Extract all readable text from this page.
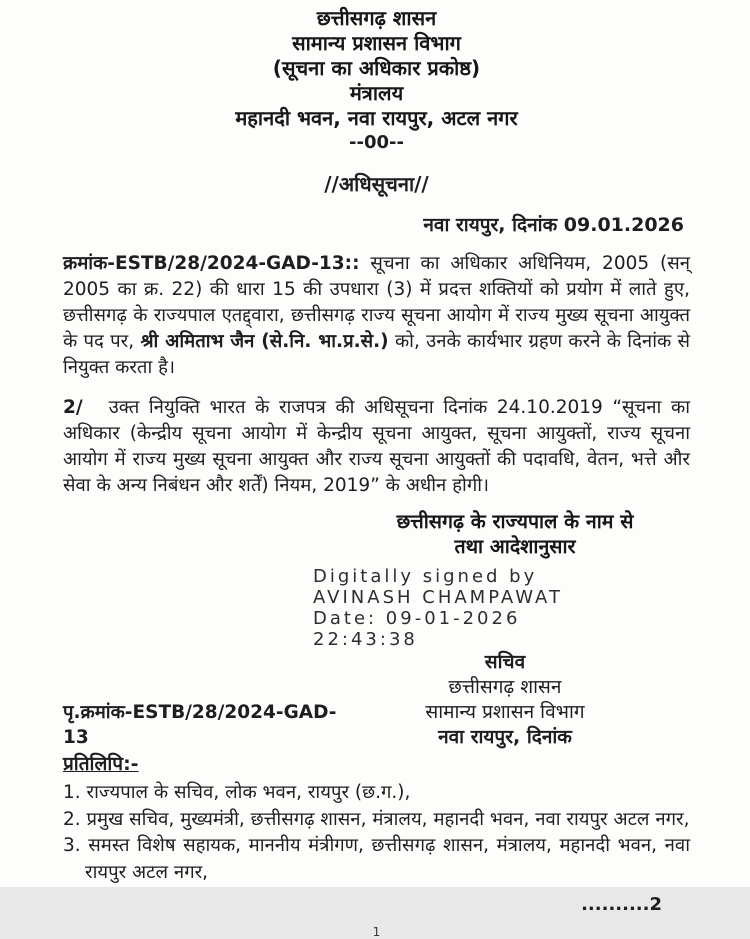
छत्तीसगढ़ शासन
सामान्य प्रशासन विभाग
(सूचना का अधिकार प्रकोष्ठ)
मंत्रालय
महानदी भवन, नवा रायपुर, अटल नगर
--00--
//अधिसूचना//
नवा रायपुर, दिनांक 09.01.2026

क्रमांक-ESTB/28/2024-GAD-13:: सूचना का अधिकार अधिनियम, 2005 (सन् 2005 का क्र. 22) की धारा 15 की उपधारा (3) में प्रदत्त शक्तियों को प्रयोग में लाते हुए, छत्तीसगढ़ के राज्यपाल एतद्द्वारा, छत्तीसगढ़ राज्य सूचना आयोग में राज्य मुख्य सूचना आयुक्त के पद पर, श्री अमिताभ जैन (से.नि. भा.प्र.से.) को, उनके कार्यभार ग्रहण करने के दिनांक से नियुक्त करता है।

2/ उक्त नियुक्ति भारत के राजपत्र की अधिसूचना दिनांक 24.10.2019 “सूचना का अधिकार (केन्द्रीय सूचना आयोग में केन्द्रीय सूचना आयुक्त, सूचना आयुक्तों, राज्य सूचना आयोग में राज्य मुख्य सूचना आयुक्त और राज्य सूचना आयुक्तों की पदावधि, वेतन, भत्ते और सेवा के अन्य निबंधन और शर्तें) नियम, 2019” के अधीन होगी।

छत्तीसगढ़ के राज्यपाल के नाम से
तथा आदेशानुसार
Digitally signed by
AVINASH CHAMPAWAT
Date: 09-01-2026
22:43:38
पृ.क्रमांक-ESTB/28/2024-GAD-13
सचिव
छत्तीसगढ़ शासन
सामान्य प्रशासन विभाग
नवा रायपुर, दिनांक
प्रतिलिपि:-
1. राज्यपाल के सचिव, लोक भवन, रायपुर (छ.ग.),
2. प्रमुख सचिव, मुख्यमंत्री, छत्तीसगढ़ शासन, मंत्रालय, महानदी भवन, नवा रायपुर अटल नगर,
3. समस्त विशेष सहायक, माननीय मंत्रीगण, छत्तीसगढ़ शासन, मंत्रालय, महानदी भवन, नवा रायपुर अटल नगर,
..........2
1
